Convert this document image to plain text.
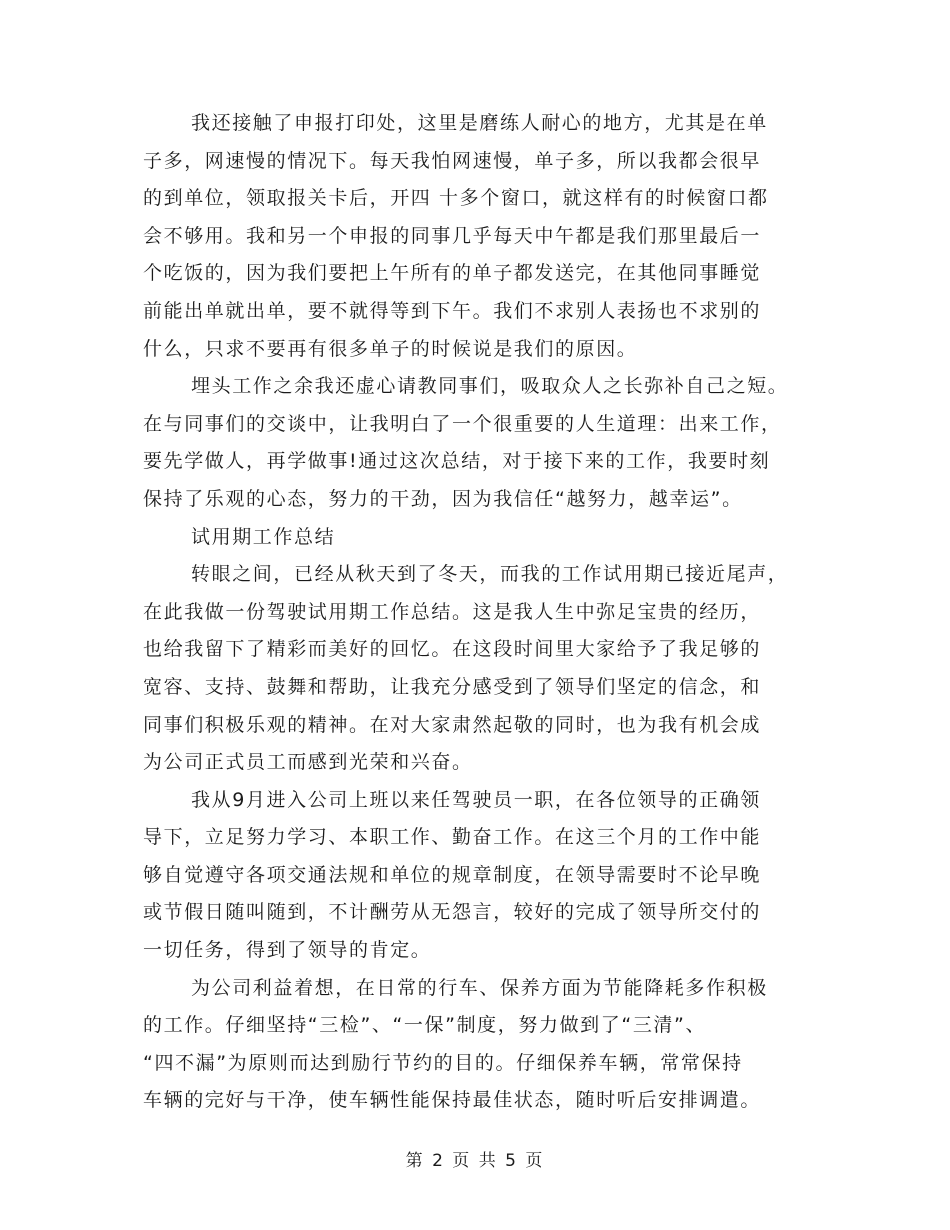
我还接触了申报打印处，这里是磨练人耐心的地方，尤其是在单
子多，网速慢的情况下。每天我怕网速慢，单子多，所以我都会很早
的到单位，领取报关卡后，开四 十多个窗口，就这样有的时候窗口都
会不够用。我和另一个申报的同事几乎每天中午都是我们那里最后一
个吃饭的，因为我们要把上午所有的单子都发送完，在其他同事睡觉
前能出单就出单，要不就得等到下午。我们不求别人表扬也不求别的
什么，只求不要再有很多单子的时候说是我们的原因。
埋头工作之余我还虚心请教同事们，吸取众人之长弥补自己之短。
在与同事们的交谈中，让我明白了一个很重要的人生道理：出来工作，
要先学做人，再学做事!通过这次总结，对于接下来的工作，我要时刻
保持了乐观的心态，努力的干劲，因为我信任“越努力，越幸运”。
试用期工作总结
转眼之间，已经从秋天到了冬天，而我的工作试用期已接近尾声，
在此我做一份驾驶试用期工作总结。这是我人生中弥足宝贵的经历，
也给我留下了精彩而美好的回忆。在这段时间里大家给予了我足够的
宽容、支持、鼓舞和帮助，让我充分感受到了领导们坚定的信念，和
同事们积极乐观的精神。在对大家肃然起敬的同时，也为我有机会成
为公司正式员工而感到光荣和兴奋。
我从9月进入公司上班以来任驾驶员一职，在各位领导的正确领
导下，立足努力学习、本职工作、勤奋工作。在这三个月的工作中能
够自觉遵守各项交通法规和单位的规章制度，在领导需要时不论早晚
或节假日随叫随到，不计酬劳从无怨言，较好的完成了领导所交付的
一切任务，得到了领导的肯定。
为公司利益着想，在日常的行车、保养方面为节能降耗多作积极
的工作。仔细坚持“三检”、“一保”制度，努力做到了“三清”、
“四不漏”为原则而达到励行节约的目的。仔细保养车辆，常常保持
车辆的完好与干净，使车辆性能保持最佳状态，随时听后安排调遣。
第 2 页 共 5 页
